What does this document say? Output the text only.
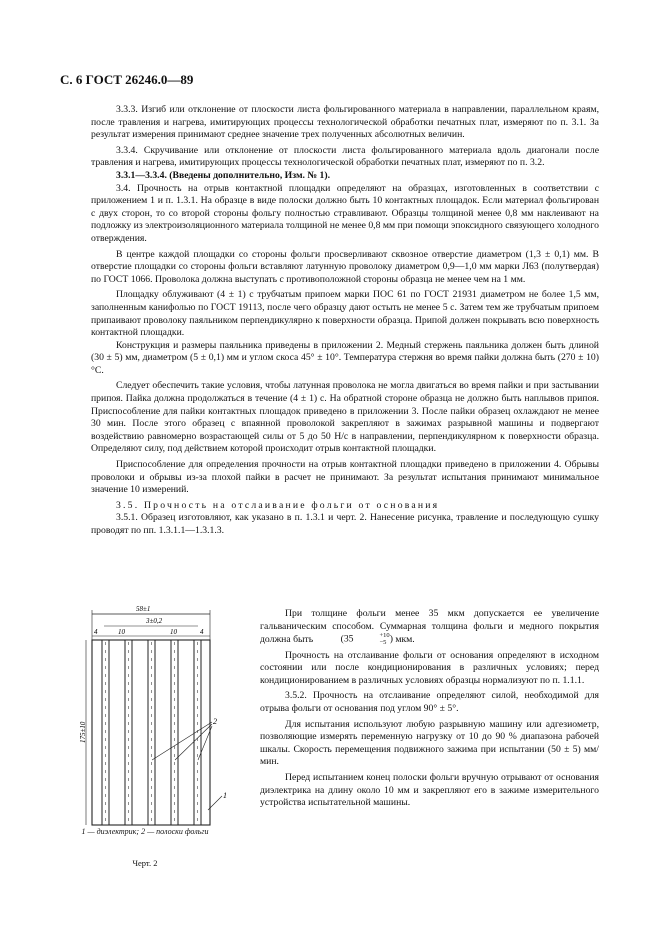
С. 6 ГОСТ 26246.0—89

3.3.3. Изгиб или отклонение от плоскости листа фольгированного материала в направлении, параллельном краям, после травления и нагрева, имитирующих процессы технологической обработки печатных плат, измеряют по п. 3.1. За результат измерения принимают среднее значение трех полученных абсолютных величин.

3.3.4. Скручивание или отклонение от плоскости листа фольгированного материала вдоль диагонали после травления и нагрева, имитирующих процессы технологической обработки печатных плат, измеряют по п. 3.2.

3.3.1—3.3.4. (Введены дополнительно, Изм. № 1).

3.4. Прочность на отрыв контактной площадки определяют на образцах, изготовленных в соответствии с приложением 1 и п. 1.3.1. На образце в виде полоски должно быть 10 контактных площадок. Если материал фольгирован с двух сторон, то со второй стороны фольгу полностью стравливают. Образцы толщиной менее 0,8 мм наклеивают на подложку из электроизоляционного материала толщиной не менее 0,8 мм при помощи эпоксидного связующего холодного отверждения.

В центре каждой площадки со стороны фольги просверливают сквозное отверстие диаметром (1,3 ± 0,1) мм. В отверстие площадки со стороны фольги вставляют латунную проволоку диаметром 0,9—1,0 мм марки Л63 (полутвердая) по ГОСТ 1066. Проволока должна выступать с противоположной стороны образца не менее чем на 1 мм.

Площадку облуживают (4 ± 1) с трубчатым припоем марки ПОС 61 по ГОСТ 21931 диаметром не более 1,5 мм, заполненным канифолью по ГОСТ 19113, после чего образцу дают остыть не менее 5 с. Затем тем же трубчатым припоем припаивают проволоку паяльником перпендикулярно к поверхности образца. Припой должен покрывать всю поверхность контактной площадки.

Конструкция и размеры паяльника приведены в приложении 2. Медный стержень паяльника должен быть длиной (30 ± 5) мм, диаметром (5 ± 0,1) мм и углом скоса 45° ± 10°. Температура стержня во время пайки должна быть (270 ± 10) °С.

Следует обеспечить такие условия, чтобы латунная проволока не могла двигаться во время пайки и при застывании припоя. Пайка должна продолжаться в течение (4 ± 1) с. На обратной стороне образца не должно быть наплывов припоя. Приспособление для пайки контактных площадок приведено в приложении 3. После пайки образец охлаждают не менее 30 мин. После этого образец с впаянной проволокой закрепляют в зажимах разрывной машины и подвергают воздействию равномерно возрастающей силы от 5 до 50 Н/с в направлении, перпендикулярном к поверхности образца. Определяют силу, под действием которой происходит отрыв контактной площадки.

Приспособление для определения прочности на отрыв контактной площадки приведено в приложении 4. Обрывы проволоки и обрывы из-за плохой пайки в расчет не принимают. За результат испытания принимают минимальное значение 10 измерений.

3.5. Прочность на отслаивание фольги от основания

3.5.1. Образец изготовляют, как указано в п. 1.3.1 и черт. 2. Нанесение рисунка, травление и последующую сушку проводят по пп. 1.3.1.1—1.3.1.3.

58±1
3±0,2
4	10	10	4
175±10
2
1
1 — диэлектрик; 2 — полоски фольги
Черт. 2

При толщине фольги менее 35 мкм допускается ее увеличение гальваническим способом. Суммарная толщина фольги и медного покрытия должна быть	(35	+10
−5 ) мкм.

Прочность на отслаивание фольги от основания определяют в исходном состоянии или после кондиционирования в различных условиях; перед кондиционированием в различных условиях образцы нормализуют по п. 1.1.1.

3.5.2. Прочность на отслаивание определяют силой, необходимой для отрыва фольги от основания под углом 90° ± 5°.

Для испытания используют любую разрывную машину или адгезиометр, позволяющие измерять переменную нагрузку от 10 до 90 % диапазона рабочей шкалы. Скорость перемещения подвижного зажима при испытании (50 ± 5) мм/мин.

Перед испытанием конец полоски фольги вручную отрывают от основания диэлектрика на длину около 10 мм и закрепляют его в зажиме измерительного устройства испытательной машины.
